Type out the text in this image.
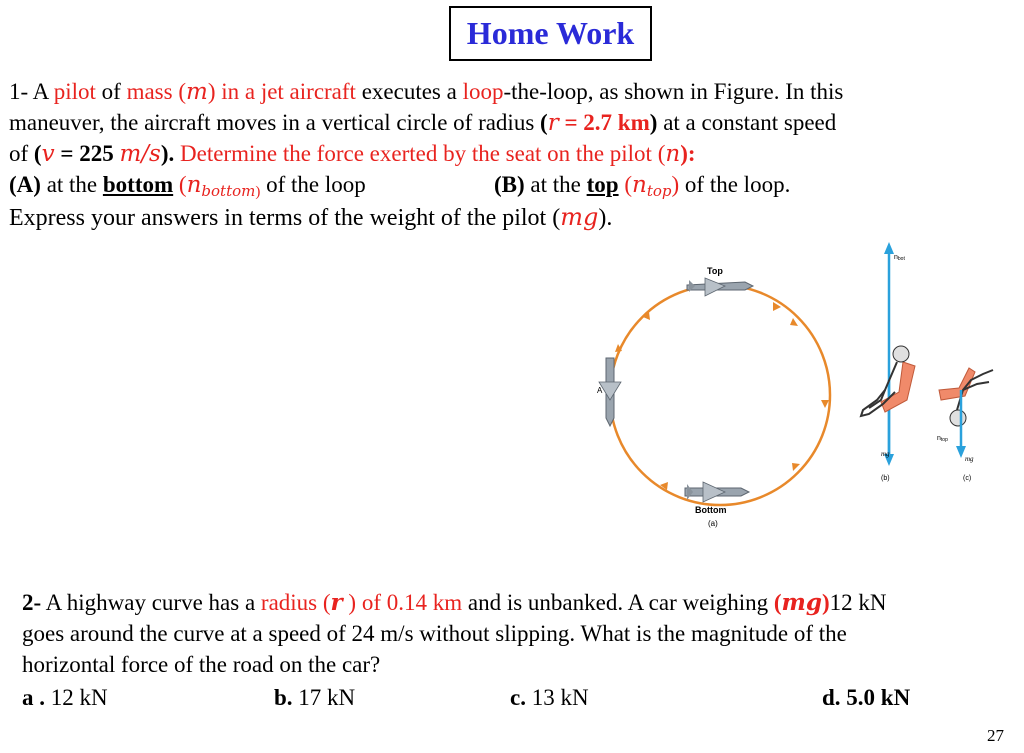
Home Work
1- A pilot of mass (m) in a jet aircraft executes a loop-the-loop, as shown in Figure. In this
maneuver, the aircraft moves in a vertical circle of radius (r = 2.7 km) at a constant speed
of (v = 225 m/s). Determine the force exerted by the seat on the pilot (n):
(A) at the bottom ($n_{bottom)}$ of the loop	(B) at the top $(n_{top})$ of the loop.
Express your answers in terms of the weight of the pilot (mg).
Top
Bottom
A
(a)
nbot
mg
(b)
ntop
mg
(c)
2- A highway curve has a radius (r ) of 0.14 km and is unbanked. A car weighing (mg)12 kN
goes around the curve at a speed of 24 m/s without slipping. What is the magnitude of the
horizontal force of the road on the car?
a . 12 kN	b. 17 kN	c. 13 kN	d. 5.0 kN
27
